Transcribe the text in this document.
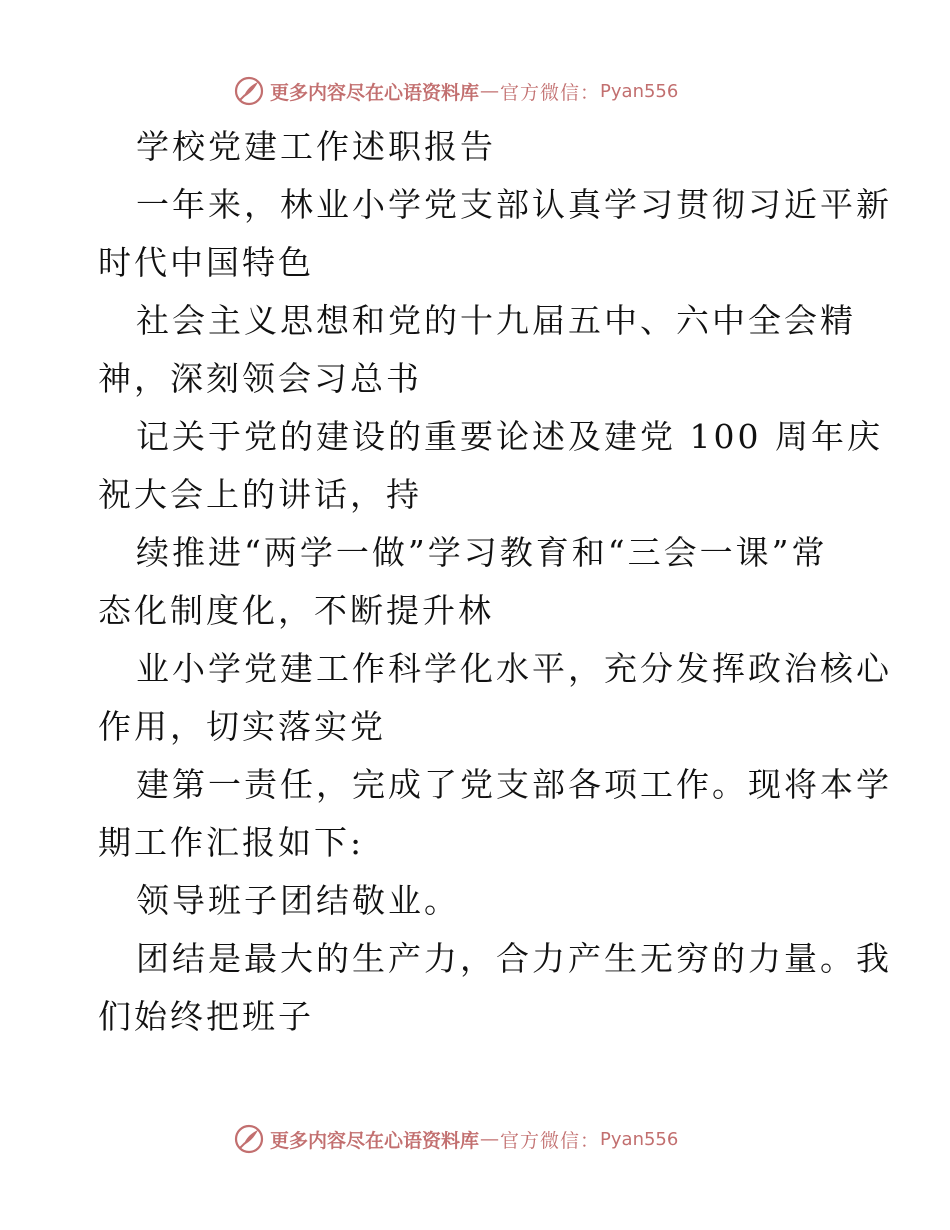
更多内容尽在心语资料库 — 官方微信： Pyan556

学校党建工作述职报告

一年来，林业小学党支部认真学习贯彻习近平新

时代中国特色

社会主义思想和党的十九届五中、六中全会精

神，深刻领会习总书

记关于党的建设的重要论述及建党 100 周年庆

祝大会上的讲话，持

续推进“两学一做”学习教育和“三会一课”常

态化制度化，不断提升林

业小学党建工作科学化水平，充分发挥政治核心

作用，切实落实党

建第一责任，完成了党支部各项工作。现将本学

期工作汇报如下:

领导班子团结敬业。

团结是最大的生产力，合力产生无穷的力量。我

们始终把班子

更多内容尽在心语资料库 — 官方微信： Pyan556
